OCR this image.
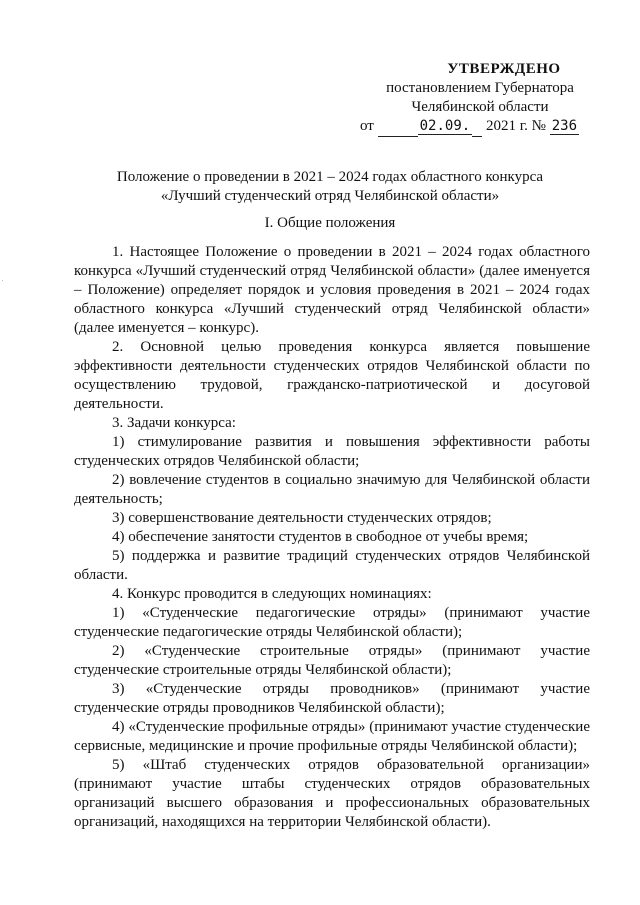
УТВЕРЖДЕНО
постановлением Губернатора
Челябинской области
от	02.09. 2021 г. № 236
Положение о проведении в 2021 – 2024 годах областного конкурса
«Лучший студенческий отряд Челябинской области»
I. Общие положения

1. Настоящее Положение о проведении в 2021 – 2024 годах областного конкурса «Лучший студенческий отряд Челябинской области» (далее именуется – Положение) определяет порядок и условия проведения в 2021 – 2024 годах областного конкурса «Лучший студенческий отряд Челябинской области» (далее именуется – конкурс).

2. Основной целью проведения конкурса является повышение эффективности деятельности студенческих отрядов Челябинской области по осуществлению трудовой, гражданско-патриотической и досуговой деятельности.

3. Задачи конкурса:

1) стимулирование развития и повышения эффективности работы студенческих отрядов Челябинской области;

2) вовлечение студентов в социально значимую для Челябинской области деятельность;

3) совершенствование деятельности студенческих отрядов;

4) обеспечение занятости студентов в свободное от учебы время;

5) поддержка и развитие традиций студенческих отрядов Челябинской области.

4. Конкурс проводится в следующих номинациях:

1) «Студенческие педагогические отряды» (принимают участие студенческие педагогические отряды Челябинской области);

2) «Студенческие строительные отряды» (принимают участие студенческие строительные отряды Челябинской области);

3) «Студенческие отряды проводников» (принимают участие студенческие отряды проводников Челябинской области);

4) «Студенческие профильные отряды» (принимают участие студенческие сервисные, медицинские и прочие профильные отряды Челябинской области);

5) «Штаб студенческих отрядов образовательной организации» (принимают участие штабы студенческих отрядов образовательных организаций высшего образования и профессиональных образовательных организаций, находящихся на территории Челябинской области).
